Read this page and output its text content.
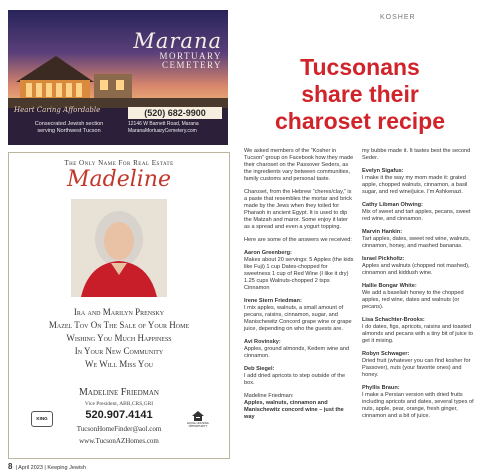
Marana
MORTUARY
CEMETERY
Heart Caring Affordable	(520) 682-9900
Consecrated Jewish section
serving Northwest Tucson
12146 W Barnett Road, Marana
MaranaMortuaryCemetery.com
The Only Name For Real Estate
Madeline
Ira and Marilyn Prensky
Mazel Tov On The Sale of Your Home
Wishing You Much Happiness
In Your New Community
We Will Miss You
Madeline Friedman
Vice President, ABR,CRS,GRI
520.907.4141
TucsonHomeFinder@aol.com
www.TucsonAZHomes.com
KING
EQUAL HOUSING OPPORTUNITY
KOSHER
Tucsonans
share their
charoset recipe

We asked members of the “Kosher in Tucson” group on Facebook how they made their charoset on the Passover Seders, as the ingredients vary between communities, family customs and personal taste.

Charoset, from the Hebrew “cheres/clay,” is a paste that resembles the mortar and brick made by the Jews when they toiled for Pharaoh in ancient Egypt. It is used to dip the Matzah and maror. Some enjoy it later as a spread and even a yogurt topping.

Here are some of the answers we received:

Aaron Greenberg:
Makes about 20 servings: 5 Apples (the kids like Fuji) 1 cup Dates-chopped for sweetness 1 cup of Red Wine (I like it dry) 1.25 cups Walnuts-chopped 2 tsps Cinnamon

Irene Stern Friedman:
I mix apples, walnuts, a small amount of pecans, raisins, cinnamon, sugar, and Manischewitz Concord grape wine or grape juice, depending on who the guests are.

Avi Rovinsky:
Apples, ground almonds, Kedem wine and cinnamon.

Deb Siegel:
I add dried apricots to step outside of the box.

Madeline Friedman:
Apples, walnuts, cinnamon and Manischewitz concord wine – just the way

my bubbe made it. It tastes best the second Seder.

Evelyn Sigafus:
I make it the way my mom made it: grated apple, chopped walnuts, cinnamon, a basil sugar, and red wine/juice. I'm Ashkenazi.

Cathy Libman Ohwing:
Mix of sweet and tart apples, pecans, sweet red wine, and cinnamon.

Marvin Hankin:
Tart apples, dates, sweet red wine, walnuts, cinnamon, honey, and mashed bananas.

Israel Pickholtz:
Apples and walnuts (chopped not mashed), cinnamon and kiddush wine.

Hallie Bongar White:
We add a baseliah honey to the chopped apples, red wine, dates and walnuts (or pecans).

Lisa Schachter-Brooks:
I do dates, figs, apricots, raisins and toasted almonds and pecans with a tiny bit of juice to get it mixing.

Robyn Schwager:
Dried fruit (whatever you can find kosher for Passover), nuts (your favorite ones) and honey.

Phyllis Braun:
I make a Persian version with dried fruits including apricots and dates, several types of nuts, apple, pear, orange, fresh ginger, cinnamon and a bit of juice.

8 | April 2023 | Keeping Jewish
